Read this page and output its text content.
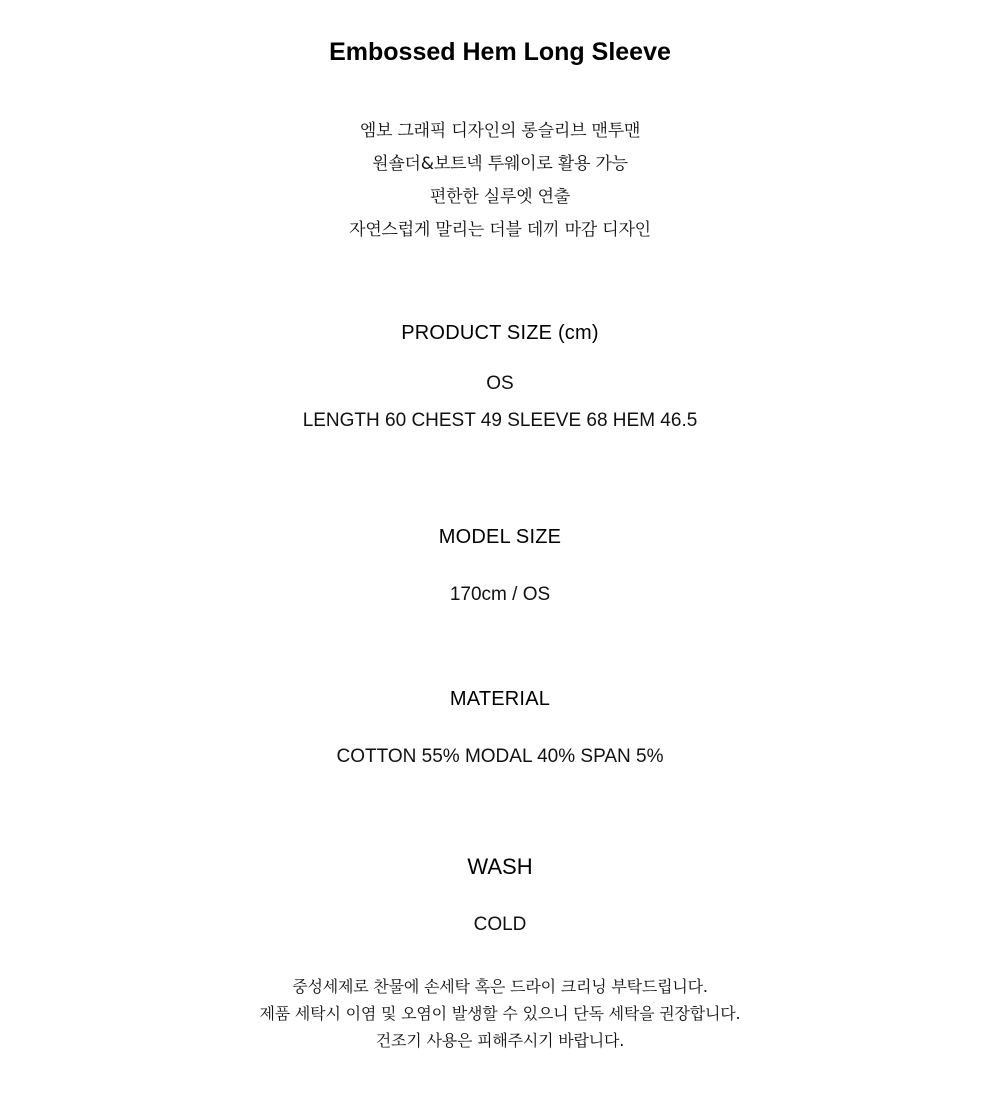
Embossed Hem Long Sleeve
엠보 그래픽 디자인의 롱슬리브 맨투맨
원숄더&보트넥 투웨이로 활용 가능
편한한 실루엣 연출
자연스럽게 말리는 더블 데끼 마감 디자인
PRODUCT SIZE (cm)
OS
LENGTH 60 CHEST 49 SLEEVE 68 HEM 46.5
MODEL SIZE
170cm / OS
MATERIAL
COTTON 55% MODAL 40% SPAN 5%
WASH
COLD
중성세제로 찬물에 손세탁 혹은 드라이 크리닝 부탁드립니다.
제품 세탁시 이염 및 오염이 발생할 수 있으니 단독 세탁을 권장합니다.
건조기 사용은 피해주시기 바랍니다.
